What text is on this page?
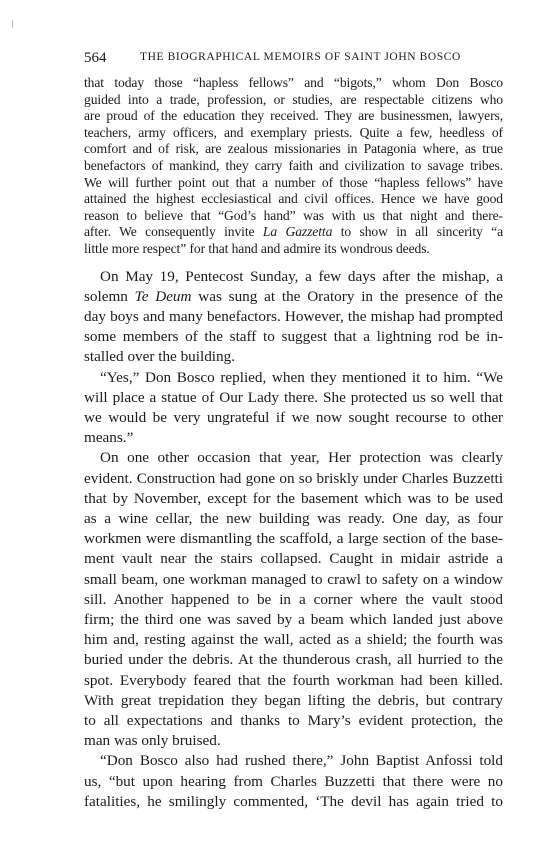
564	THE BIOGRAPHICAL MEMOIRS OF SAINT JOHN BOSCO

that today those “hapless fellows” and “bigots,” whom Don Bosco
guided into a trade, profession, or studies, are respectable citizens who
are proud of the education they received. They are businessmen, lawyers,
teachers, army officers, and exemplary priests. Quite a few, heedless of
comfort and of risk, are zealous missionaries in Patagonia where, as true
benefactors of mankind, they carry faith and civilization to savage tribes.
We will further point out that a number of those “hapless fellows” have
attained the highest ecclesiastical and civil offices. Hence we have good
reason to believe that “God’s hand” was with us that night and there-
after. We consequently invite La Gazzetta to show in all sincerity “a
little more respect” for that hand and admire its wondrous deeds.

On May 19, Pentecost Sunday, a few days after the mishap, a
solemn Te Deum was sung at the Oratory in the presence of the
day boys and many benefactors. However, the mishap had prompted
some members of the staff to suggest that a lightning rod be in-
stalled over the building.

“Yes,” Don Bosco replied, when they mentioned it to him. “We
will place a statue of Our Lady there. She protected us so well that
we would be very ungrateful if we now sought recourse to other
means.”

On one other occasion that year, Her protection was clearly
evident. Construction had gone on so briskly under Charles Buzzetti
that by November, except for the basement which was to be used
as a wine cellar, the new building was ready. One day, as four
workmen were dismantling the scaffold, a large section of the base-
ment vault near the stairs collapsed. Caught in midair astride a
small beam, one workman managed to crawl to safety on a window
sill. Another happened to be in a corner where the vault stood
firm; the third one was saved by a beam which landed just above
him and, resting against the wall, acted as a shield; the fourth was
buried under the debris. At the thunderous crash, all hurried to the
spot. Everybody feared that the fourth workman had been killed.
With great trepidation they began lifting the debris, but contrary
to all expectations and thanks to Mary’s evident protection, the
man was only bruised.

“Don Bosco also had rushed there,” John Baptist Anfossi told
us, “but upon hearing from Charles Buzzetti that there were no
fatalities, he smilingly commented, ‘The devil has again tried to
